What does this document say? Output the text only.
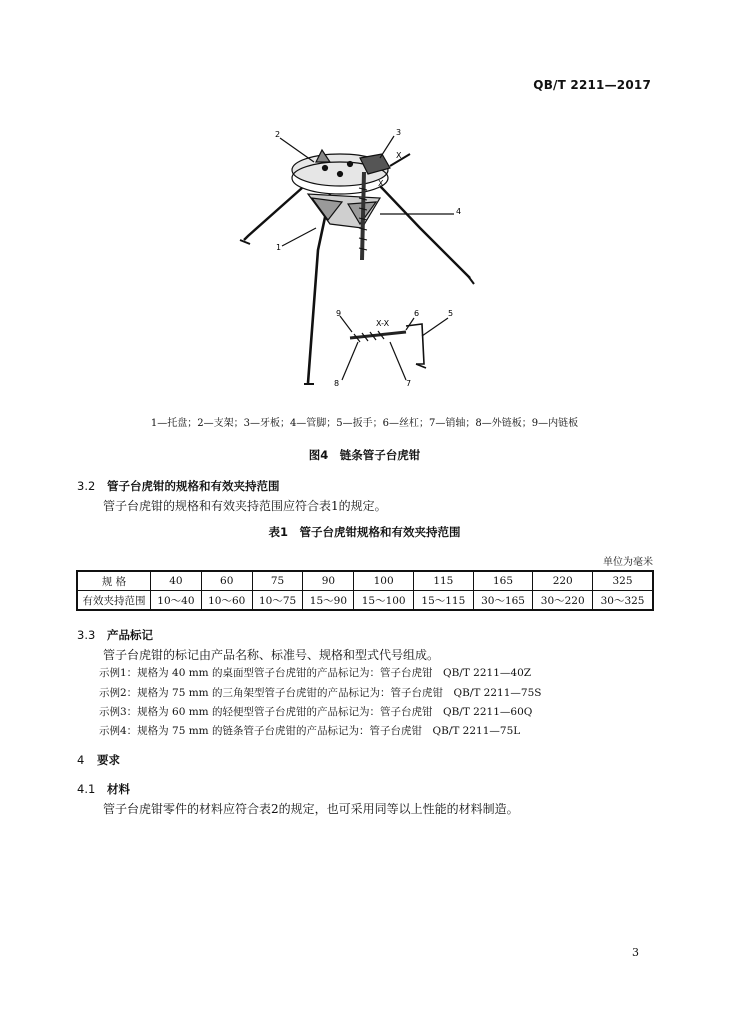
QB/T 2211—2017
2	3
4
1
5
6
9
8	7
X
X
X-X
1—托盘；2—支架；3—牙板；4—管脚；5—扳手；6—丝杠；7—销轴；8—外链板；9—内链板
图4　链条管子台虎钳
3.2 管子台虎钳的规格和有效夹持范围
管子台虎钳的规格和有效夹持范围应符合表1的规定。
表1　管子台虎钳规格和有效夹持范围
单位为毫米
规 格	40	60	75	90	100	115	165	220	325
有效夹持范围	10～40	10～60	10～75	15～90	15～100	15～115	30～165	30～220	30～325
3.3 产品标记
管子台虎钳的标记由产品名称、标准号、规格和型式代号组成。
示例1：规格为 40 mm 的桌面型管子台虎钳的产品标记为：管子台虎钳　QB/T 2211—40Z
示例2：规格为 75 mm 的三角架型管子台虎钳的产品标记为：管子台虎钳　QB/T 2211—75S
示例3：规格为 60 mm 的轻便型管子台虎钳的产品标记为：管子台虎钳　QB/T 2211—60Q
示例4：规格为 75 mm 的链条管子台虎钳的产品标记为：管子台虎钳　QB/T 2211—75L
4 要求
4.1 材料
管子台虎钳零件的材料应符合表2的规定，也可采用同等以上性能的材料制造。
3
